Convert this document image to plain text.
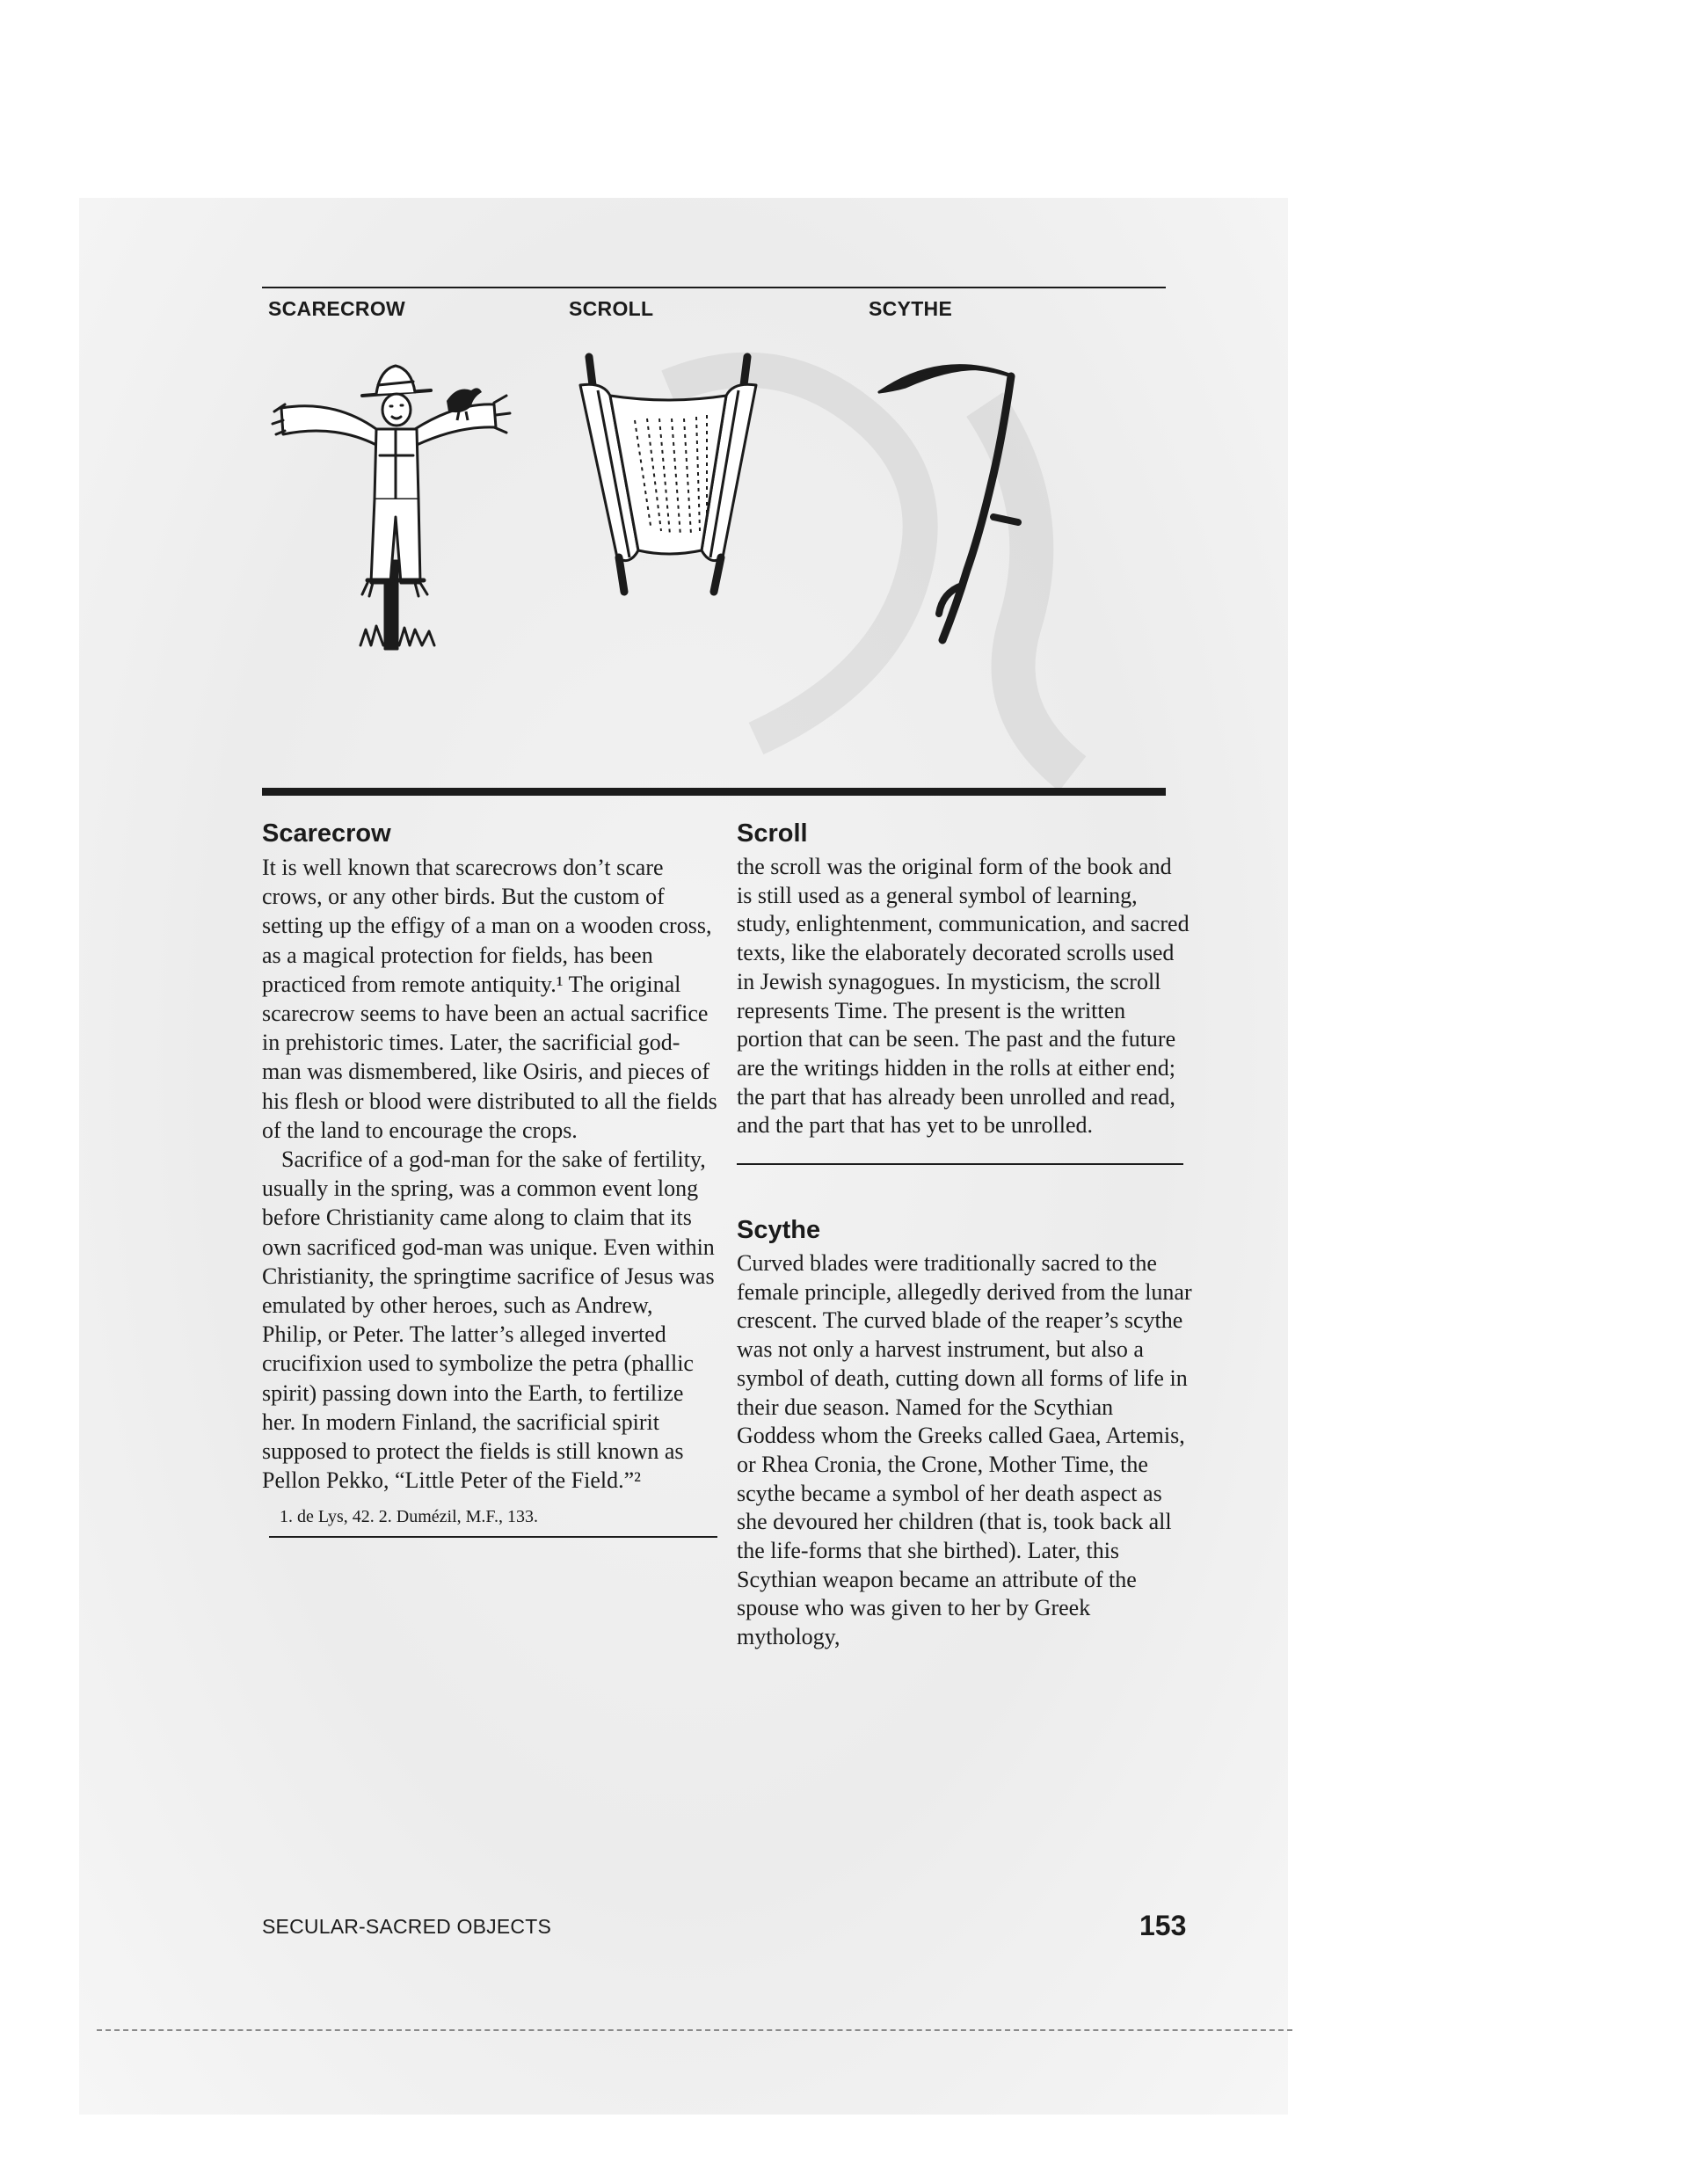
SCARECROW	SCROLL	SCYTHE
Scarecrow

It is well known that scarecrows don’t scare crows, or any other birds. But the custom of setting up the effigy of a man on a wooden cross, as a magical protection for fields, has been practiced from remote antiquity.¹ The original scarecrow seems to have been an actual sacrifice in prehistoric times. Later, the sacrificial god-man was dismembered, like Osiris, and pieces of his flesh or blood were distributed to all the fields of the land to encourage the crops.

Sacrifice of a god-man for the sake of fertility, usually in the spring, was a common event long before Christianity came along to claim that its own sacrificed god-man was unique. Even within Christianity, the springtime sacrifice of Jesus was emulated by other heroes, such as Andrew, Philip, or Peter. The latter’s alleged inverted crucifixion used to symbolize the petra (phallic spirit) passing down into the Earth, to fertilize her. In modern Finland, the sacrificial spirit supposed to protect the fields is still known as Pellon Pekko, “Little Peter of the Field.”²

1. de Lys, 42. 2. Dumézil, M.F., 133.
Scroll

the scroll was the original form of the book and is still used as a general symbol of learning, study, enlightenment, communication, and sacred texts, like the elaborately decorated scrolls used in Jewish synagogues. In mysticism, the scroll represents Time. The present is the written portion that can be seen. The past and the future are the writings hidden in the rolls at either end; the part that has already been unrolled and read, and the part that has yet to be unrolled.

Scythe

Curved blades were traditionally sacred to the female principle, allegedly derived from the lunar crescent. The curved blade of the reaper’s scythe was not only a harvest instrument, but also a symbol of death, cutting down all forms of life in their due season. Named for the Scythian Goddess whom the Greeks called Gaea, Artemis, or Rhea Cronia, the Crone, Mother Time, the scythe became a symbol of her death aspect as she devoured her children (that is, took back all the life-forms that she birthed). Later, this Scythian weapon became an attribute of the spouse who was given to her by Greek mythology,

SECULAR-SACRED OBJECTS	153
